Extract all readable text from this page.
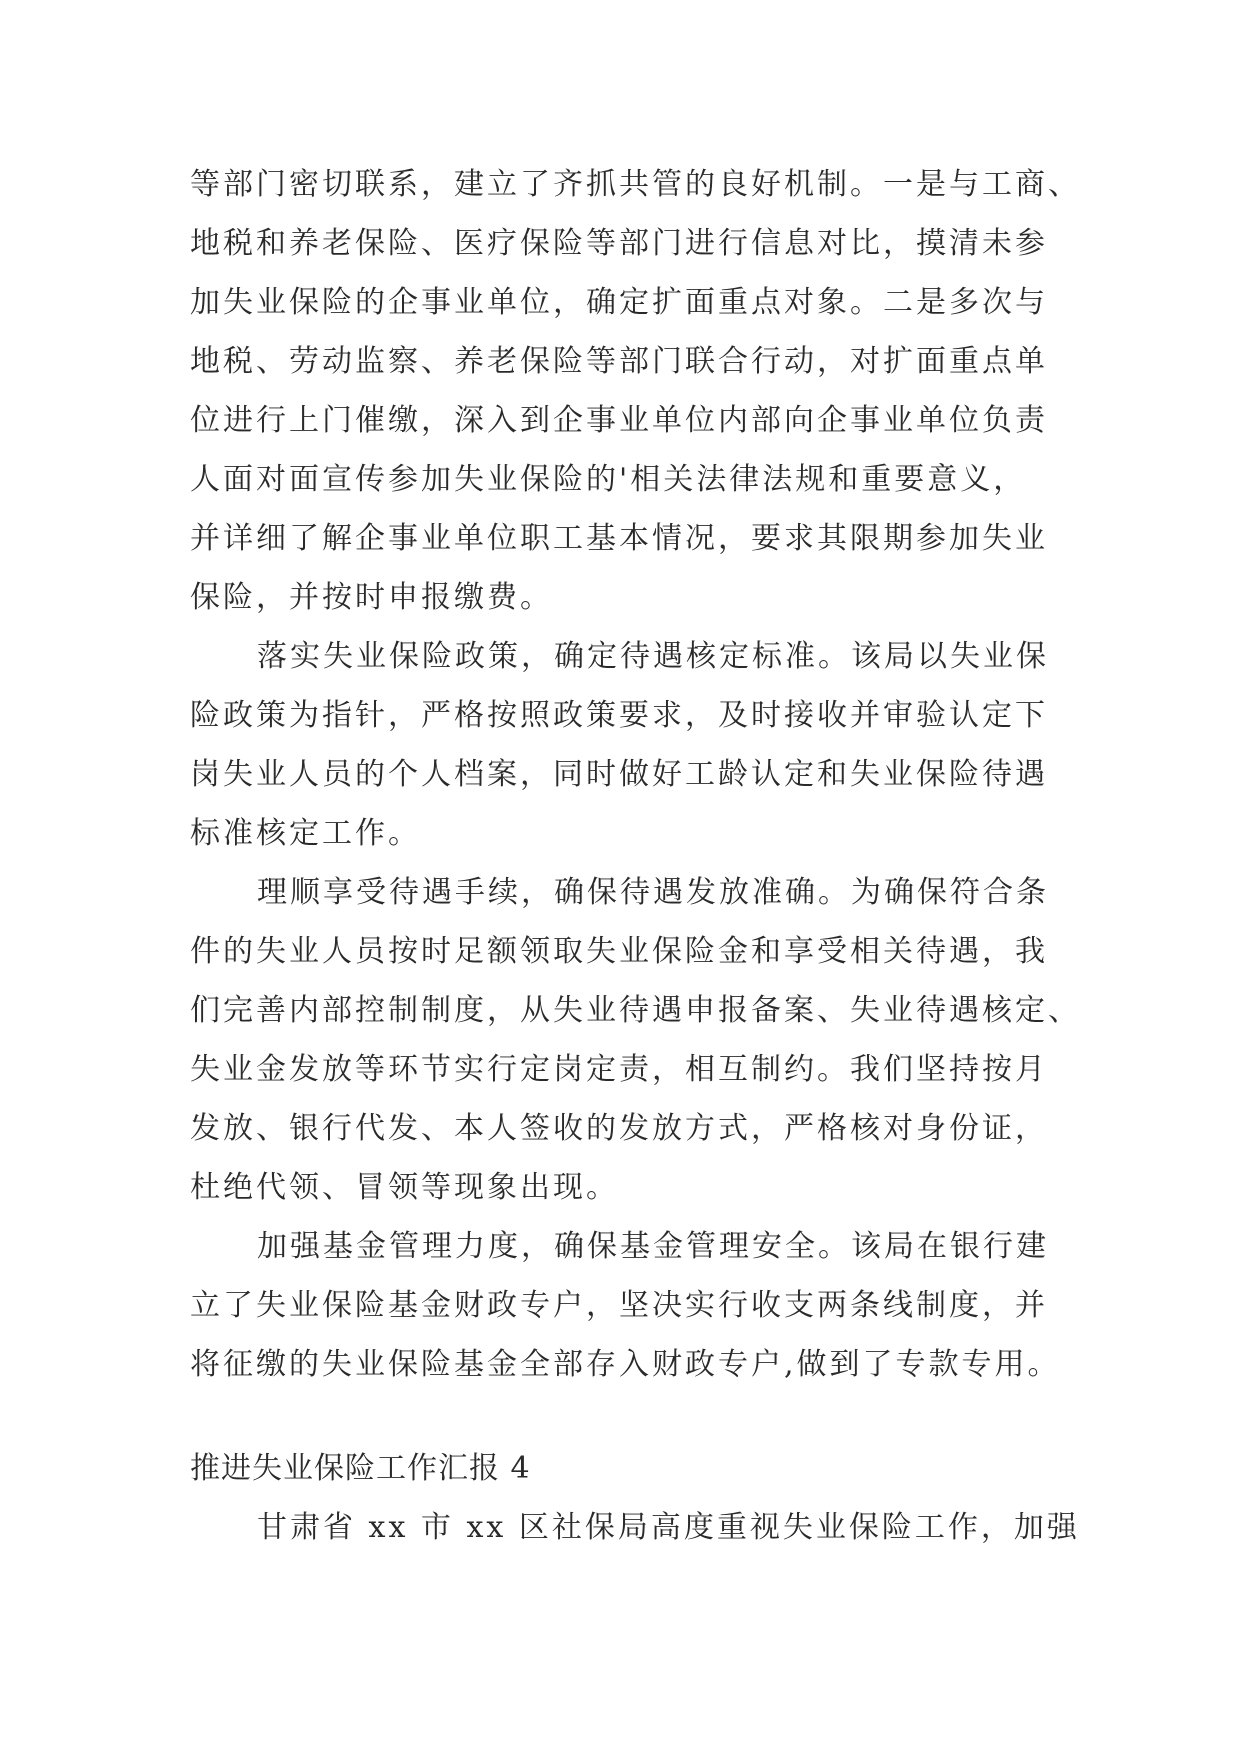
等部门密切联系，建立了齐抓共管的良好机制。一是与工商、
地税和养老保险、医疗保险等部门进行信息对比，摸清未参
加失业保险的企事业单位，确定扩面重点对象。二是多次与
地税、劳动监察、养老保险等部门联合行动，对扩面重点单
位进行上门催缴，深入到企事业单位内部向企事业单位负责
人面对面宣传参加失业保险的'相关法律法规和重要意义，
并详细了解企事业单位职工基本情况，要求其限期参加失业
保险，并按时申报缴费。
落实失业保险政策，确定待遇核定标准。该局以失业保
险政策为指针，严格按照政策要求，及时接收并审验认定下
岗失业人员的个人档案，同时做好工龄认定和失业保险待遇
标准核定工作。
理顺享受待遇手续，确保待遇发放准确。为确保符合条
件的失业人员按时足额领取失业保险金和享受相关待遇，我
们完善内部控制制度，从失业待遇申报备案、失业待遇核定、
失业金发放等环节实行定岗定责，相互制约。我们坚持按月
发放、银行代发、本人签收的发放方式，严格核对身份证，
杜绝代领、冒领等现象出现。
加强基金管理力度，确保基金管理安全。该局在银行建
立了失业保险基金财政专户，坚决实行收支两条线制度，并
将征缴的失业保险基金全部存入财政专户,做到了专款专用。
推进失业保险工作汇报 4
甘肃省 xx 市 xx 区社保局高度重视失业保险工作，加强
